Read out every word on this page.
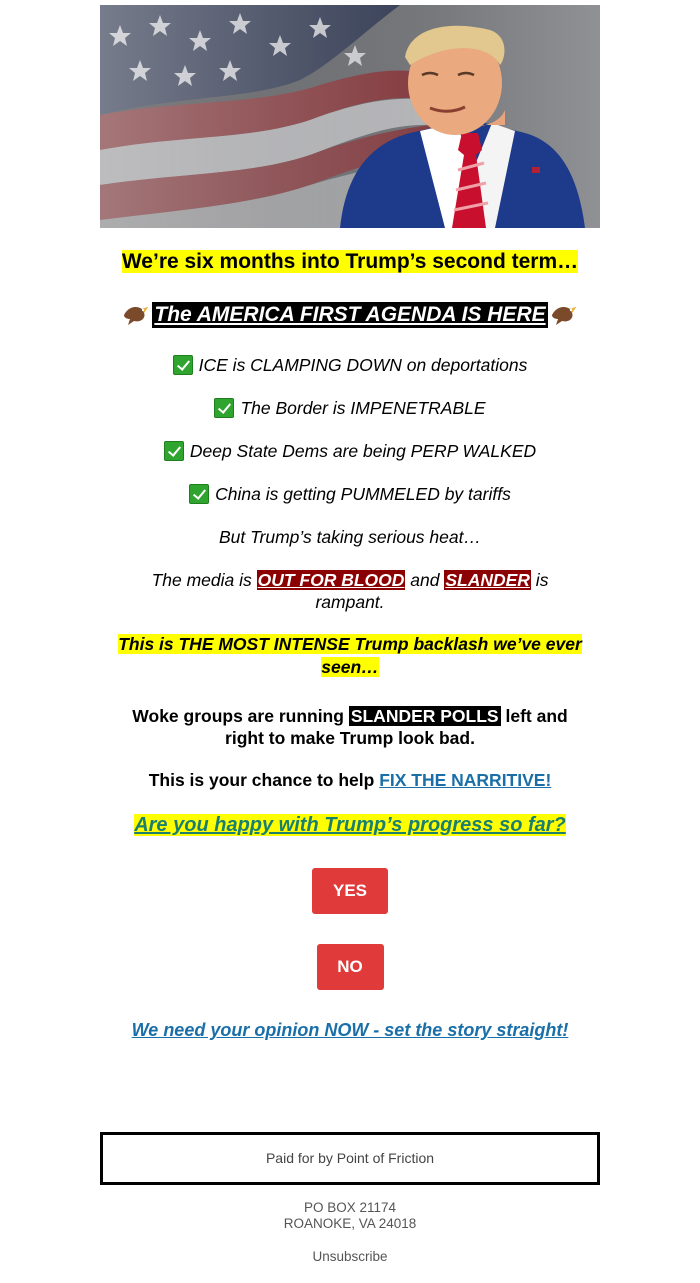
We’re six months into Trump’s second term…
The AMERICA FIRST AGENDA IS HERE
ICE is CLAMPING DOWN on deportations
The Border is IMPENETRABLE
Deep State Dems are being PERP WALKED
China is getting PUMMELED by tariffs
But Trump’s taking serious heat…
The media is OUT FOR BLOOD and SLANDER is rampant.
This is THE MOST INTENSE Trump backlash we’ve ever seen…
Woke groups are running SLANDER POLLS left and right to make Trump look bad.
This is your chance to help FIX THE NARRITIVE!
Are you happy with Trump’s progress so far?
YES
NO
We need your opinion NOW - set the story straight!
Paid for by Point of Friction
PO BOX 21174
ROANOKE, VA 24018
Unsubscribe
